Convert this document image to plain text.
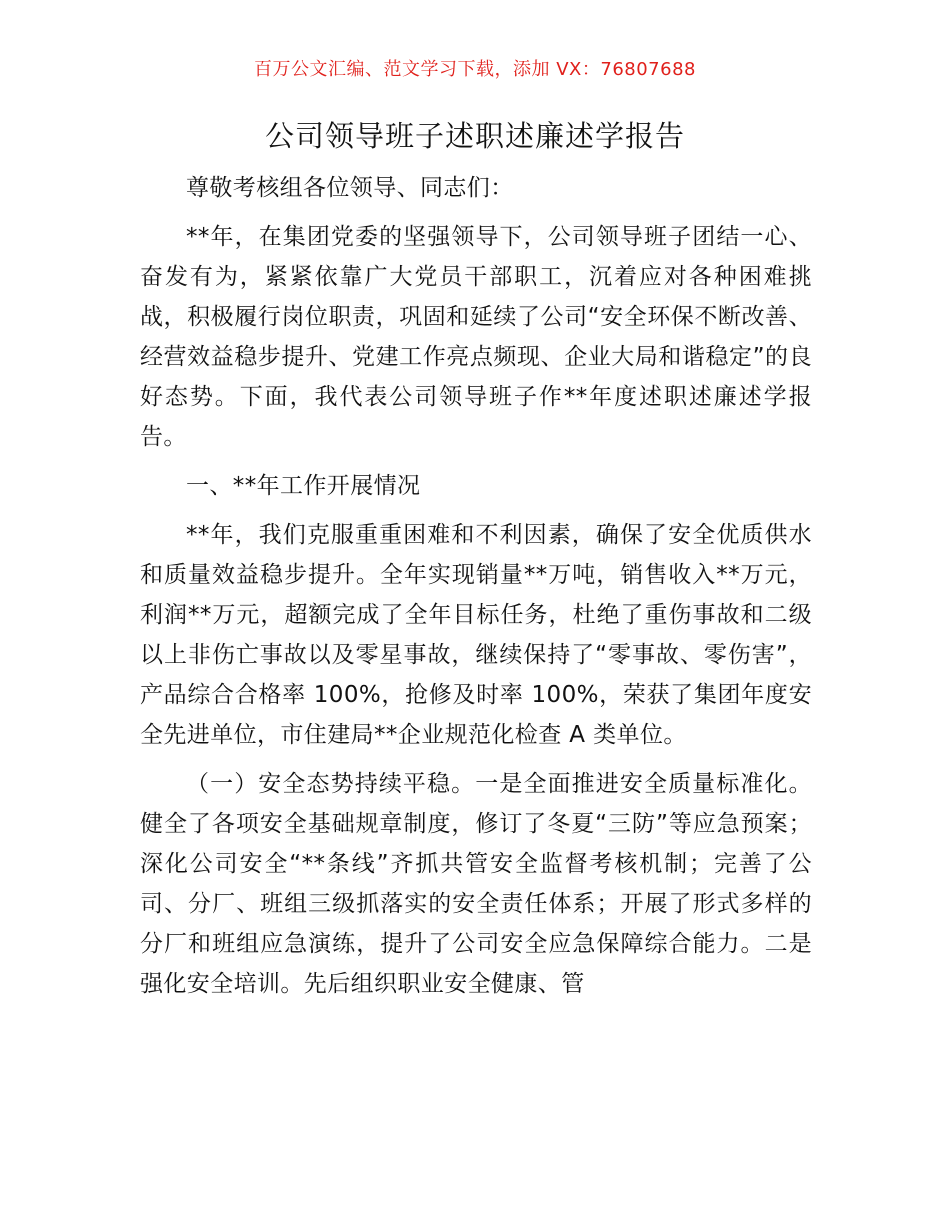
百万公文汇编、范文学习下载，添加 VX：76807688
公司领导班子述职述廉述学报告

尊敬考核组各位领导、同志们：

**年，在集团党委的坚强领导下，公司领导班子团结一心、奋发有为，紧紧依靠广大党员干部职工，沉着应对各种困难挑战，积极履行岗位职责，巩固和延续了公司“安全环保不断改善、经营效益稳步提升、党建工作亮点频现、企业大局和谐稳定”的良好态势。下面，我代表公司领导班子作**年度述职述廉述学报告。

一、**年工作开展情况

**年，我们克服重重困难和不利因素，确保了安全优质供水和质量效益稳步提升。全年实现销量**万吨，销售收入**万元，利润**万元，超额完成了全年目标任务，杜绝了重伤事故和二级以上非伤亡事故以及零星事故，继续保持了“零事故、零伤害”，产品综合合格率 100%，抢修及时率 100%，荣获了集团年度安全先进单位，市住建局**企业规范化检查 A 类单位。

（一）安全态势持续平稳。一是全面推进安全质量标准化。健全了各项安全基础规章制度，修订了冬夏“三防”等应急预案；深化公司安全“**条线”齐抓共管安全监督考核机制；完善了公司、分厂、班组三级抓落实的安全责任体系；开展了形式多样的分厂和班组应急演练，提升了公司安全应急保障综合能力。二是强化安全培训。先后组织职业安全健康、管
